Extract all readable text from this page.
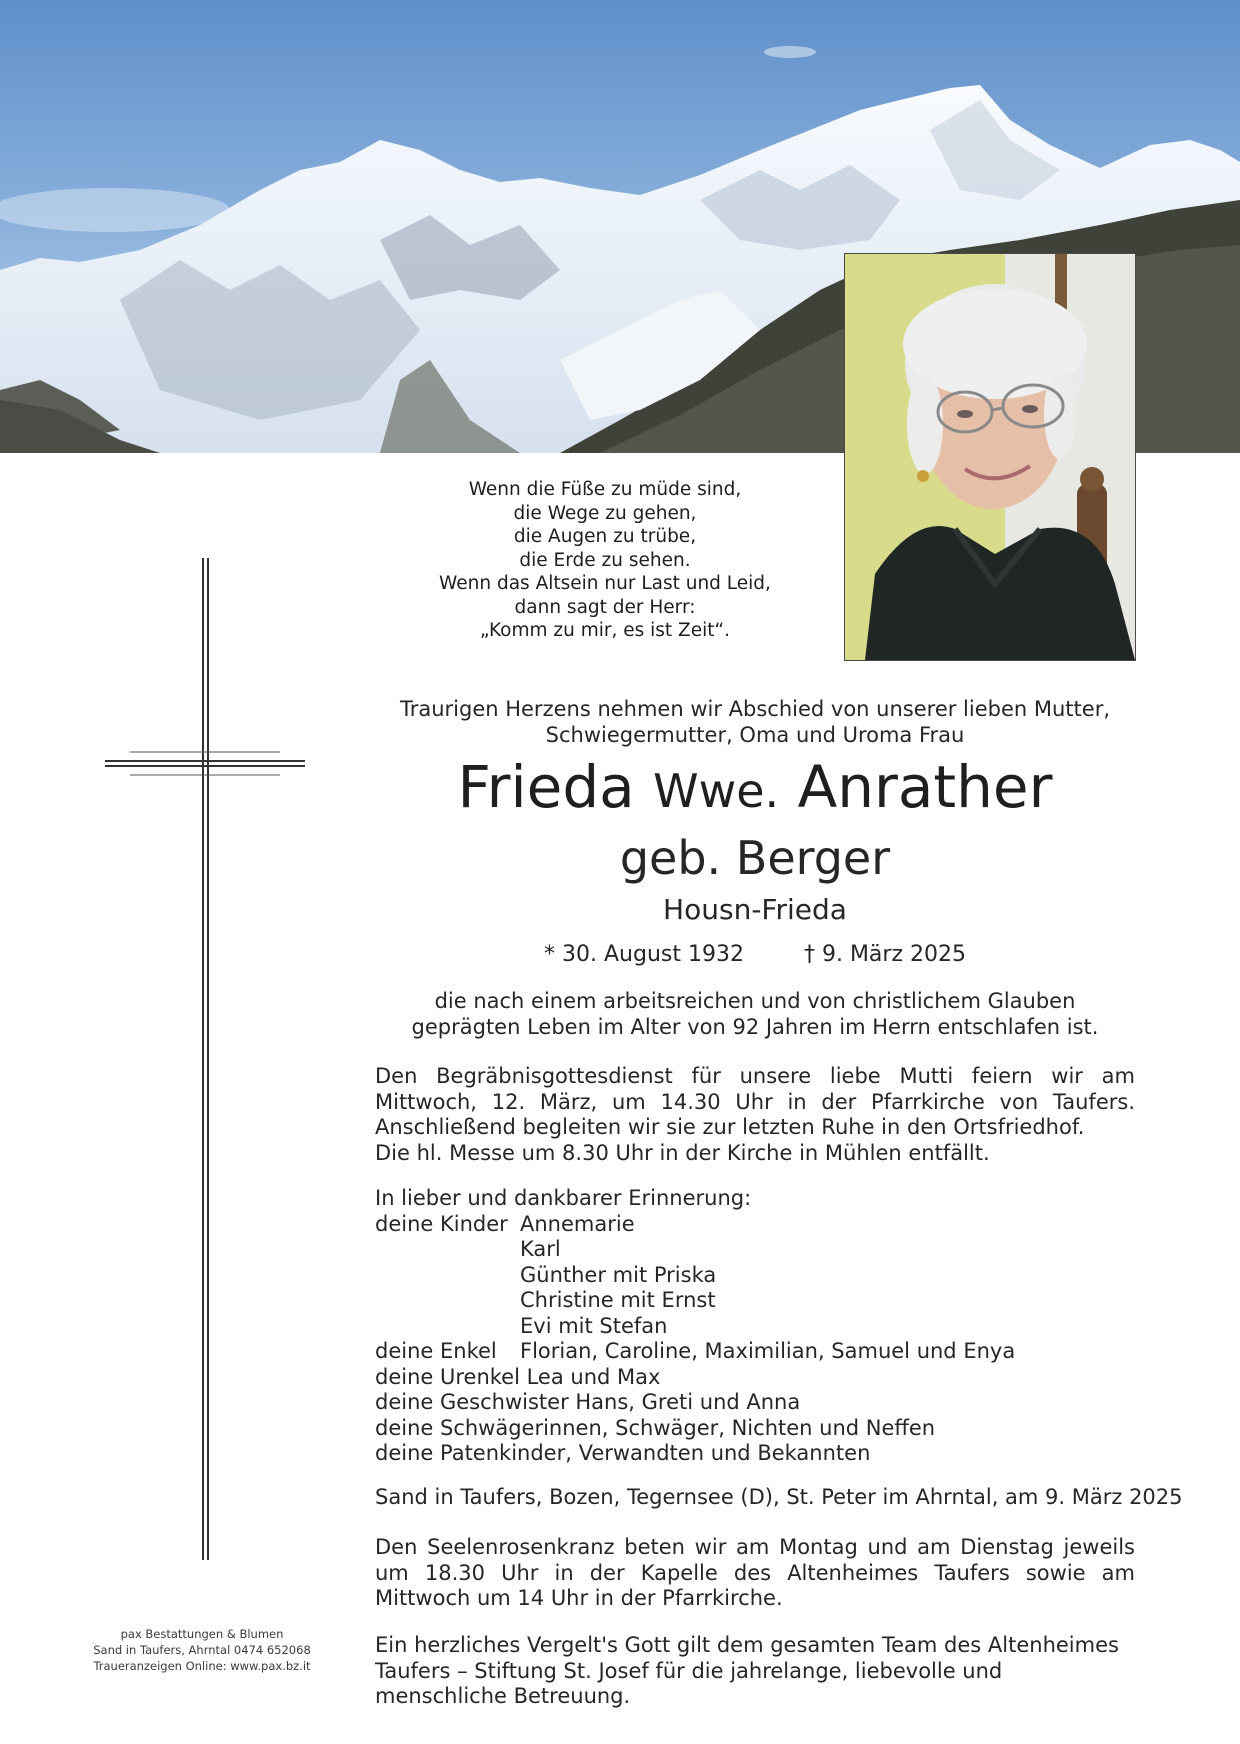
Wenn die Füße zu müde sind,
die Wege zu gehen,
die Augen zu trübe,
die Erde zu sehen.
Wenn das Altsein nur Last und Leid,
dann sagt der Herr:
„Komm zu mir, es ist Zeit“.
Traurigen Herzens nehmen wir Abschied von unserer lieben Mutter,
Schwiegermutter, Oma und Uroma Frau
Frieda Wwe. Anrather
geb. Berger
Housn-Frieda
* 30. August 1932	† 9. März 2025
die nach einem arbeitsreichen und von christlichem Glauben
geprägten Leben im Alter von 92 Jahren im Herrn entschlafen ist.
Den Begräbnisgottesdienst für unsere liebe Mutti feiern wir am Mittwoch, 12. März, um 14.30 Uhr in der Pfarrkirche von Taufers. Anschließend begleiten wir sie zur letzten Ruhe in den Ortsfriedhof.
Die hl. Messe um 8.30 Uhr in der Kirche in Mühlen entfällt.
In lieber und dankbarer Erinnerung:
deine Kinder Annemarie
Karl
Günther mit Priska
Christine mit Ernst
Evi mit Stefan
deine Enkel	Florian, Caroline, Maximilian, Samuel und Enya
deine Urenkel Lea und Max
deine Geschwister Hans, Greti und Anna
deine Schwägerinnen, Schwäger, Nichten und Neffen
deine Patenkinder, Verwandten und Bekannten
Sand in Taufers, Bozen, Tegernsee (D), St. Peter im Ahrntal, am 9. März 2025
Den Seelenrosenkranz beten wir am Montag und am Dienstag jeweils um 18.30 Uhr in der Kapelle des Altenheimes Taufers sowie am Mittwoch um 14 Uhr in der Pfarrkirche.
Ein herzliches Vergelt's Gott gilt dem gesamten Team des Altenheimes Taufers – Stiftung St. Josef für die jahrelange, liebevolle und menschliche Betreuung.
pax Bestattungen & Blumen
Sand in Taufers, Ahrntal 0474 652068
Traueranzeigen Online: www.pax.bz.it
